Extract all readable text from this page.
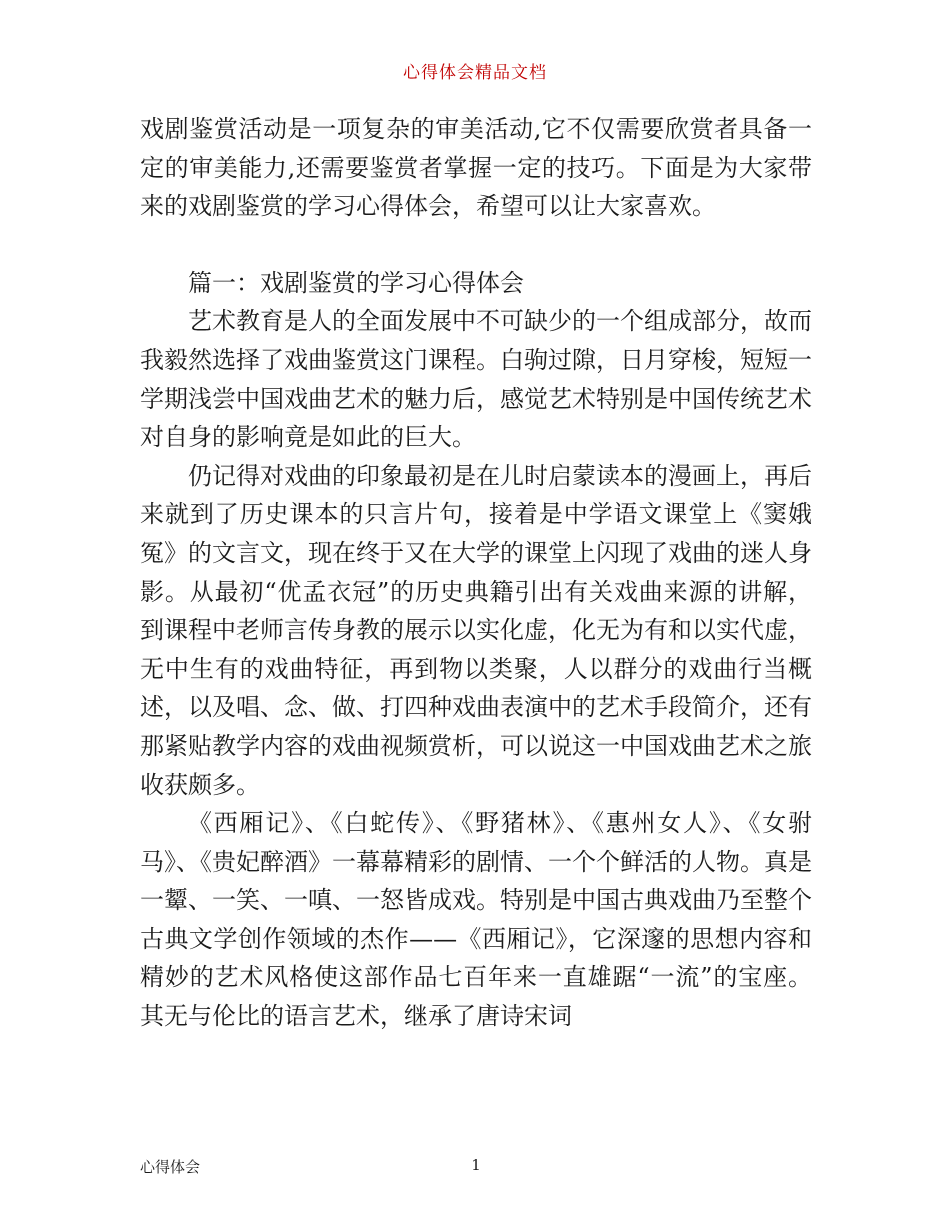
心得体会精品文档

戏剧鉴赏活动是一项复杂的审美活动,它不仅需要欣赏者具备一定的审美能力,还需要鉴赏者掌握一定的技巧。下面是为大家带来的戏剧鉴赏的学习心得体会，希望可以让大家喜欢。

篇一：戏剧鉴赏的学习心得体会

艺术教育是人的全面发展中不可缺少的一个组成部分，故而我毅然选择了戏曲鉴赏这门课程。白驹过隙，日月穿梭，短短一学期浅尝中国戏曲艺术的魅力后，感觉艺术特别是中国传统艺术对自身的影响竟是如此的巨大。

仍记得对戏曲的印象最初是在儿时启蒙读本的漫画上，再后来就到了历史课本的只言片句，接着是中学语文课堂上《窦娥冤》的文言文，现在终于又在大学的课堂上闪现了戏曲的迷人身影。从最初“优孟衣冠”的历史典籍引出有关戏曲来源的讲解，到课程中老师言传身教的展示以实化虚，化无为有和以实代虚，无中生有的戏曲特征，再到物以类聚，人以群分的戏曲行当概述，以及唱、念、做、打四种戏曲表演中的艺术手段简介，还有那紧贴教学内容的戏曲视频赏析，可以说这一中国戏曲艺术之旅收获颇多。

《西厢记》、《白蛇传》、《野猪林》、《惠州女人》、《女驸马》、《贵妃醉酒》一幕幕精彩的剧情、一个个鲜活的人物。真是一颦、一笑、一嗔、一怒皆成戏。特别是中国古典戏曲乃至整个古典文学创作领域的杰作——《西厢记》，它深邃的思想内容和精妙的艺术风格使这部作品七百年来一直雄踞“一流”的宝座。其无与伦比的语言艺术，继承了唐诗宋词

心得体会	1
